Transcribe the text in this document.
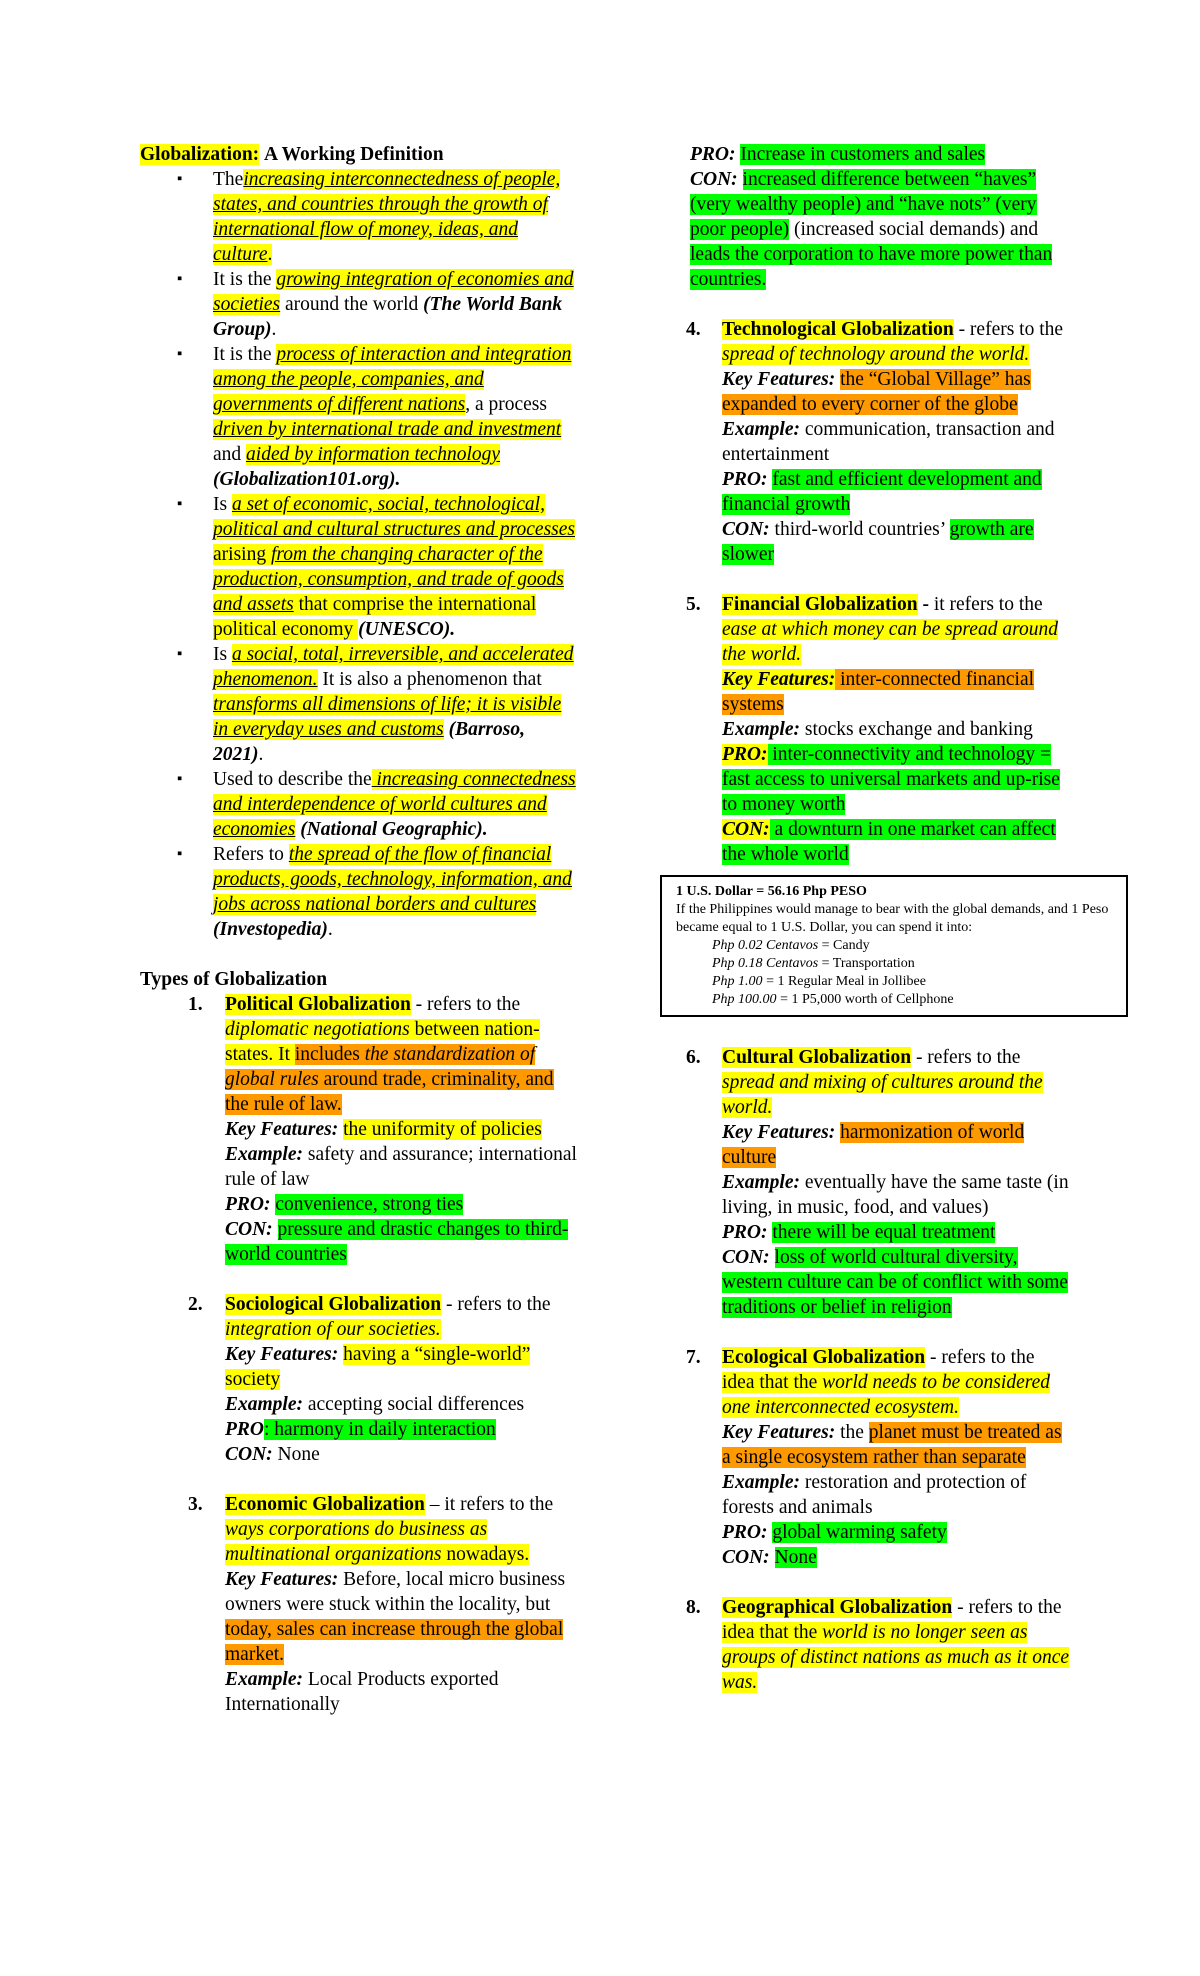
Globalization: A Working Definition

▪ Theincreasing interconnectedness of people, states, and countries through the growth of international flow of money, ideas, and culture.
▪ It is the growing integration of economies and societies around the world (The World Bank Group).
▪ It is the process of interaction and integration among the people, companies, and governments of different nations, a process driven by international trade and investment and aided by information technology (Globalization101.org).
▪ Is a set of economic, social, technological, political and cultural structures and processes arising from the changing character of the production, consumption, and trade of goods and assets that comprise the international political economy (UNESCO).
▪ Is a social, total, irreversible, and accelerated phenomenon. It is also a phenomenon that transforms all dimensions of life; it is visible in everyday uses and customs (Barroso, 2021).
▪ Used to describe the increasing connectedness and interdependence of world cultures and economies (National Geographic).
▪ Refers to the spread of the flow of financial products, goods, technology, information, and jobs across national borders and cultures (Investopedia).

Types of Globalization

1. Political Globalization - refers to the diplomatic negotiations between nation-states. It includes the standardization of global rules around trade, criminality, and the rule of law.
Key Features: the uniformity of policies
Example: safety and assurance; international rule of law
PRO: convenience, strong ties
CON: pressure and drastic changes to third-world countries
2. Sociological Globalization - refers to the integration of our societies.
Key Features: having a “single-world” society
Example: accepting social differences
PRO: harmony in daily interaction
CON: None
3. Economic Globalization – it refers to the ways corporations do business as multinational organizations nowadays.
Key Features: Before, local micro business owners were stuck within the locality, but today, sales can increase through the global market.
Example: Local Products exported Internationally
PRO: Increase in customers and sales
CON: increased difference between “haves” (very wealthy people) and “have nots” (very poor people) (increased social demands) and leads the corporation to have more power than countries.
4. Technological Globalization - refers to the spread of technology around the world.
Key Features: the “Global Village” has expanded to every corner of the globe
Example: communication, transaction and entertainment
PRO: fast and efficient development and financial growth
CON: third-world countries’ growth are slower
5. Financial Globalization - it refers to the ease at which money can be spread around the world.
Key Features: inter-connected financial systems
Example: stocks exchange and banking
PRO: inter-connectivity and technology = fast access to universal markets and up-rise to money worth
CON: a downturn in one market can affect the whole world
1 U.S. Dollar = 56.16 Php PESO
If the Philippines would manage to bear with the global demands, and 1 Peso became equal to 1 U.S. Dollar, you can spend it into:
Php 0.02 Centavos = Candy
Php 0.18 Centavos = Transportation
Php 1.00 = 1 Regular Meal in Jollibee
Php 100.00 = 1 P5,000 worth of Cellphone
6. Cultural Globalization - refers to the spread and mixing of cultures around the world.
Key Features: harmonization of world culture
Example: eventually have the same taste (in living, in music, food, and values)
PRO: there will be equal treatment
CON: loss of world cultural diversity, western culture can be of conflict with some traditions or belief in religion
7. Ecological Globalization - refers to the idea that the world needs to be considered one interconnected ecosystem.
Key Features: the planet must be treated as a single ecosystem rather than separate
Example: restoration and protection of forests and animals
PRO: global warming safety
CON: None
8. Geographical Globalization - refers to the idea that the world is no longer seen as groups of distinct nations as much as it once was.
